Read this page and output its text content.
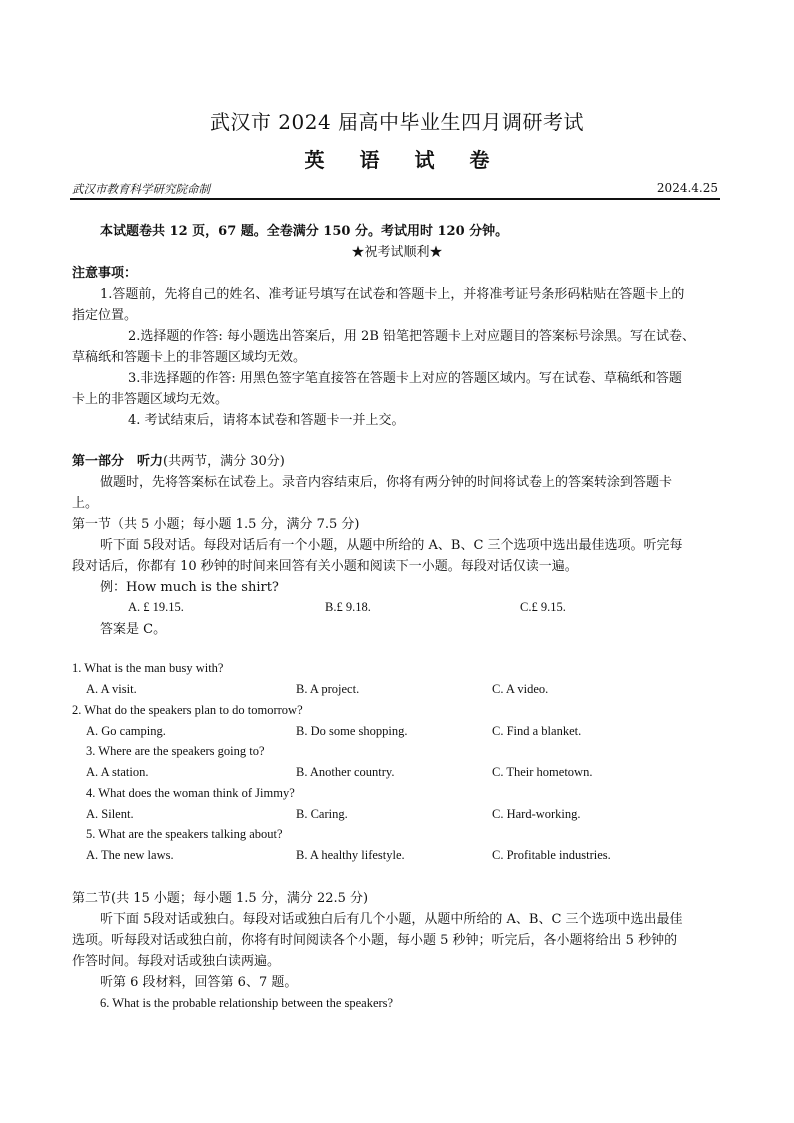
武汉市 2024 届高中毕业生四月调研考试
英 语 试 卷
武汉市教育科学研究院命制	2024.4.25
本试题卷共 12 页，67 题。全卷满分 150 分。考试用时 120 分钟。
★祝考试顺利★
注意事项：
1.答题前，先将自己的姓名、准考证号填写在试卷和答题卡上，并将准考证号条形码粘贴在答题卡上的
指定位置。
2.选择题的作答: 每小题选出答案后，用 2B 铅笔把答题卡上对应题目的答案标号涂黑。写在试卷、
草稿纸和答题卡上的非答题区域均无效。
3.非选择题的作答: 用黑色签字笔直接答在答题卡上对应的答题区域内。写在试卷、草稿纸和答题
卡上的非答题区域均无效。
4. 考试结束后，请将本试卷和答题卡一并上交。
第一部分　听力(共两节，满分 30分)
做题时，先将答案标在试卷上。录音内容结束后，你将有两分钟的时间将试卷上的答案转涂到答题卡
上。
第一节（共 5 小题；每小题 1.5 分，满分 7.5 分)
听下面 5段对话。每段对话后有一个小题，从题中所给的 A、B、C 三个选项中选出最佳选项。听完每
段对话后，你都有 10 秒钟的时间来回答有关小题和阅读下一小题。每段对话仅读一遍。
例：How much is the shirt?
A. £ 19.15.	B.£ 9.18.	C.£ 9.15.
答案是 C。
1. What is the man busy with?
A. A visit.	B. A project.	C. A video.
2. What do the speakers plan to do tomorrow?
A. Go camping.	B. Do some shopping.	C. Find a blanket.
3. Where are the speakers going to?
A. A station.	B. Another country.	C. Their hometown.
4. What does the woman think of Jimmy?
A. Silent.	B. Caring.	C. Hard-working.
5. What are the speakers talking about?
A. The new laws.	B. A healthy lifestyle.	C. Profitable industries.
第二节(共 15 小题；每小题 1.5 分，满分 22.5 分)
听下面 5段对话或独白。每段对话或独白后有几个小题，从题中所给的 A、B、C 三个选项中选出最佳
选项。听每段对话或独白前，你将有时间阅读各个小题，每小题 5 秒钟；听完后，各小题将给出 5 秒钟的
作答时间。每段对话或独白读两遍。
听第 6 段材料，回答第 6、7 题。
6. What is the probable relationship between the speakers?
